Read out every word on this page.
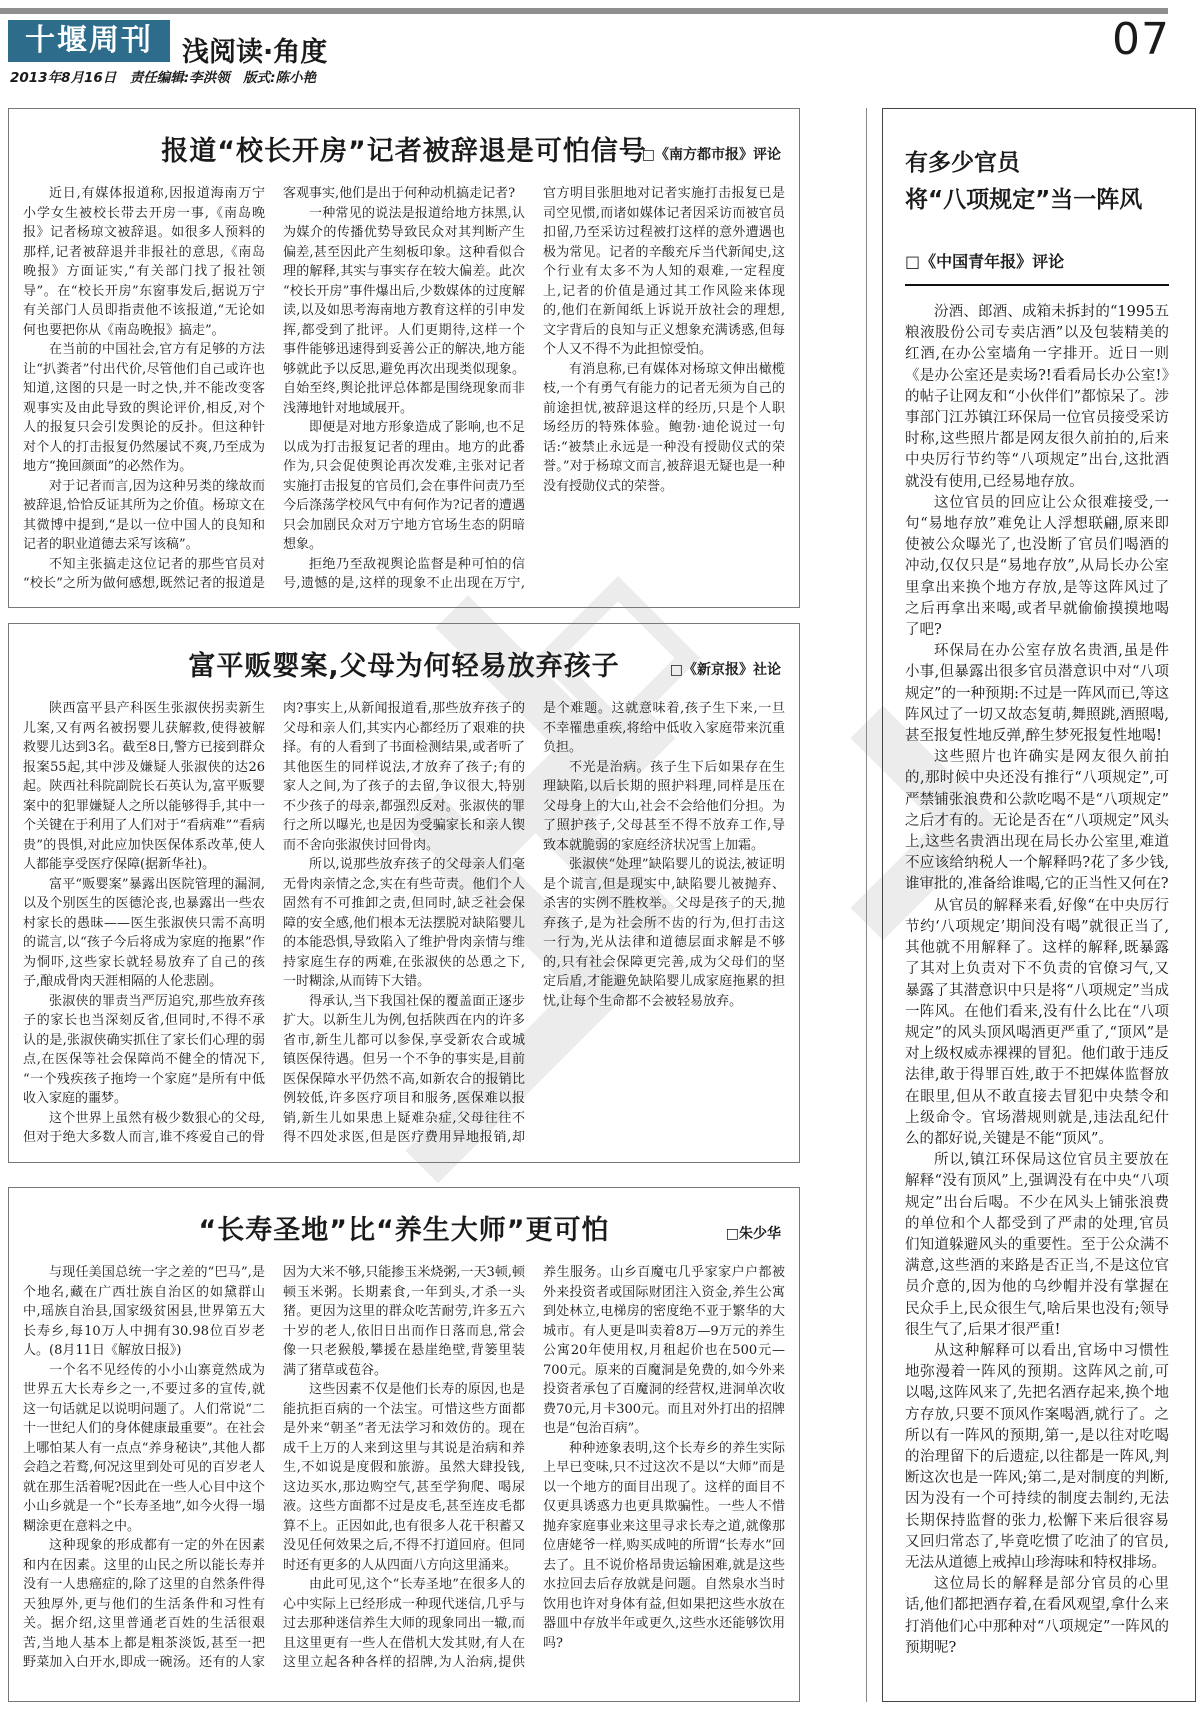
07
十堰周刊	浅阅读·角度
2013年8月16日　责任编辑:李洪领　版式:陈小艳
报道“校长开房”记者被辞退是可怕信号
□《南方都市报》评论

近日,有媒体报道称,因报道海南万宁小学女生被校长带去开房一事,《南岛晚报》记者杨琼文被辞退。如很多人预料的那样,记者被辞退并非报社的意思,《南岛晚报》方面证实,“有关部门找了报社领导”。在“校长开房”东窗事发后,据说万宁有关部门人员即指责他不该报道,“无论如何也要把你从《南岛晚报》搞走”。

在当前的中国社会,官方有足够的方法让“扒粪者”付出代价,尽管他们自己或许也知道,这图的只是一时之快,并不能改变客观事实及由此导致的舆论评价,相反,对个人的报复只会引发舆论的反扑。但这种针对个人的打击报复仍然屡试不爽,乃至成为地方“挽回颜面”的必然作为。

对于记者而言,因为这种另类的缘故而被辞退,恰恰反证其所为之价值。杨琼文在其微博中提到,“是以一位中国人的良知和记者的职业道德去采写该稿”。

不知主张搞走这位记者的那些官员对“校长”之所为做何感想,既然记者的报道是客观事实,他们是出于何种动机搞走记者?

一种常见的说法是报道给地方抹黑,认为媒介的传播优势导致民众对其判断产生偏差,甚至因此产生刻板印象。这种看似合理的解释,其实与事实存在较大偏差。此次“校长开房”事件爆出后,少数媒体的过度解读,以及如思考海南地方教育这样的引申发挥,都受到了批评。人们更期待,这样一个事件能够迅速得到妥善公正的解决,地方能够就此予以反思,避免再次出现类似现象。自始至终,舆论批评总体都是围绕现象而非浅薄地针对地域展开。

即便是对地方形象造成了影响,也不足以成为打击报复记者的理由。地方的此番作为,只会促使舆论再次发难,主张对记者实施打击报复的官员们,会在事件问责乃至今后涤荡学校风气中有何作为?记者的遭遇只会加剧民众对万宁地方官场生态的阴暗想象。

拒绝乃至敌视舆论监督是种可怕的信号,遗憾的是,这样的现象不止出现在万宁,官方明目张胆地对记者实施打击报复已是司空见惯,而诸如媒体记者因采访而被官员扣留,乃至采访过程被打这样的意外遭遇也极为常见。记者的辛酸充斥当代新闻史,这个行业有太多不为人知的艰难,一定程度上,记者的价值是通过其工作风险来体现的,他们在新闻纸上诉说开放社会的理想,文字背后的良知与正义想象充满诱惑,但每个人又不得不为此担惊受怕。

有消息称,已有媒体对杨琼文伸出橄榄枝,一个有勇气有能力的记者无须为自己的前途担忧,被辞退这样的经历,只是个人职场经历的特殊体验。鲍勃·迪伦说过一句话:“被禁止永远是一种没有授勋仪式的荣誉。”对于杨琼文而言,被辞退无疑也是一种没有授勋仪式的荣誉。

富平贩婴案,父母为何轻易放弃孩子	□《新京报》社论

陕西富平县产科医生张淑侠拐卖新生儿案,又有两名被拐婴儿获解救,使得被解救婴儿达到3名。截至8日,警方已接到群众报案55起,其中涉及嫌疑人张淑侠的达26起。陕西社科院副院长石英认为,富平贩婴案中的犯罪嫌疑人之所以能够得手,其中一个关键在于利用了人们对于“看病难”“看病贵”的畏惧,对此应加快医保体系改革,使人人都能享受医疗保障(据新华社)。

富平“贩婴案”暴露出医院管理的漏洞,以及个别医生的医德沦丧,也暴露出一些农村家长的愚昧——医生张淑侠只需不高明的谎言,以“孩子今后将成为家庭的拖累”作为恫吓,这些家长就轻易放弃了自己的孩子,酿成骨肉天涯相隔的人伦悲剧。

张淑侠的罪责当严厉追究,那些放弃孩子的家长也当深刻反省,但同时,不得不承认的是,张淑侠确实抓住了家长们心理的弱点,在医保等社会保障尚不健全的情况下,“一个残疾孩子拖垮一个家庭”是所有中低收入家庭的噩梦。

这个世界上虽然有极少数狠心的父母,但对于绝大多数人而言,谁不疼爱自己的骨肉?事实上,从新闻报道看,那些放弃孩子的父母和亲人们,其实内心都经历了艰难的抉择。有的人看到了书面检测结果,或者听了其他医生的同样说法,才放弃了孩子;有的家人之间,为了孩子的去留,争议很大,特别不少孩子的母亲,都强烈反对。张淑侠的罪行之所以曝光,也是因为受骗家长和亲人锲而不舍向张淑侠讨回骨肉。

所以,说那些放弃孩子的父母亲人们毫无骨肉亲情之念,实在有些苛责。他们个人固然有不可推卸之责,但同时,缺乏社会保障的安全感,他们根本无法摆脱对缺陷婴儿的本能恐惧,导致陷入了维护骨肉亲情与维持家庭生存的两难,在张淑侠的怂恿之下,一时糊涂,从而铸下大错。

得承认,当下我国社保的覆盖面正逐步扩大。以新生儿为例,包括陕西在内的许多省市,新生儿都可以参保,享受新农合或城镇医保待遇。但另一个不争的事实是,目前医保保障水平仍然不高,如新农合的报销比例较低,许多医疗项目和服务,医保难以报销,新生儿如果患上疑难杂症,父母往往不得不四处求医,但是医疗费用异地报销,却是个难题。这就意味着,孩子生下来,一旦不幸罹患重疾,将给中低收入家庭带来沉重负担。

不光是治病。孩子生下后如果存在生理缺陷,以后长期的照护料理,同样是压在父母身上的大山,社会不会给他们分担。为了照护孩子,父母甚至不得不放弃工作,导致本就脆弱的家庭经济状况雪上加霜。

张淑侠“处理”缺陷婴儿的说法,被证明是个谎言,但是现实中,缺陷婴儿被抛弃、杀害的实例不胜枚举。父母是孩子的天,抛弃孩子,是为社会所不齿的行为,但打击这一行为,光从法律和道德层面求解是不够的,只有社会保障更完善,成为父母们的坚定后盾,才能避免缺陷婴儿成家庭拖累的担忧,让每个生命都不会被轻易放弃。

“长寿圣地”比“养生大师”更可怕	□朱少华

与现任美国总统一字之差的“巴马”,是个地名,藏在广西壮族自治区的如黛群山中,瑶族自治县,国家级贫困县,世界第五大长寿乡,每10万人中拥有30.98位百岁老人。(8月11日《解放日报》)

一个名不见经传的小小山寨竟然成为世界五大长寿乡之一,不要过多的宣传,就这一句话就足以说明问题了。人们常说“二十一世纪人们的身体健康最重要”。在社会上哪怕某人有一点点“养身秘诀”,其他人都会趋之若鹜,何况这里到处可见的百岁老人就在那生活着呢?因此在一些人心目中这个小山乡就是一个“长寿圣地”,如今火得一塌糊涂更在意料之中。

这种现象的形成都有一定的外在因素和内在因素。这里的山民之所以能长寿并没有一人患癌症的,除了这里的自然条件得天独厚外,更与他们的生活条件和习性有关。据介绍,这里普通老百姓的生活很艰苦,当地人基本上都是粗茶淡饭,甚至一把野菜加入白开水,即成一碗汤。还有的人家因为大米不够,只能掺玉米烧粥,一天3顿,顿顿玉米粥。长期素食,一年到头,才杀一头猪。更因为这里的群众吃苦耐劳,许多五六十岁的老人,依旧日出而作日落而息,常会像一只老猴般,攀援在悬崖绝壁,背篓里装满了猪草或苞谷。

这些因素不仅是他们长寿的原因,也是能抗拒百病的一个法宝。可惜这些方面都是外来“朝圣”者无法学习和效仿的。现在成千上万的人来到这里与其说是治病和养生,不如说是度假和旅游。虽然大肆投钱,这边买水,那边购空气,甚至学狗爬、喝尿液。这些方面都不过是皮毛,甚至连皮毛都算不上。正因如此,也有很多人花干积蓄又没见任何效果之后,不得不打道回府。但同时还有更多的人从四面八方向这里涌来。

由此可见,这个“长寿圣地”在很多人的心中实际上已经形成一种现代迷信,几乎与过去那种迷信养生大师的现象同出一辙,而且这里更有一些人在借机大发其财,有人在这里立起各种各样的招牌,为人治病,提供养生服务。山乡百魔屯几乎家家户户都被外来投资者或国际财团注入资金,养生公寓到处林立,电梯房的密度绝不亚于繁华的大城市。有人更是叫卖着8万—9万元的养生公寓20年使用权,月租起价也在500元—700元。原来的百魔洞是免费的,如今外来投资者承包了百魔洞的经营权,进洞单次收费70元,月卡300元。而且对外打出的招牌也是“包治百病”。

种种迹象表明,这个长寿乡的养生实际上早已变味,只不过这次不是以“大师”而是以一个地方的面目出现了。这样的面目不仅更具诱惑力也更具欺骗性。一些人不惜抛弃家庭事业来这里寻求长寿之道,就像那位唐姥爷一样,购买成吨的所谓“长寿水”回去了。且不说价格昂贵运输困难,就是这些水拉回去后存放就是问题。自然泉水当时饮用也许对身体有益,但如果把这些水放在器皿中存放半年或更久,这些水还能够饮用吗?

有多少官员
将“八项规定”当一阵风
□《中国青年报》评论

汾酒、郎酒、成箱未拆封的“1995五粮液股份公司专卖店酒”以及包装精美的红酒,在办公室墙角一字排开。近日一则《是办公室还是卖场?!看看局长办公室!》的帖子让网友和“小伙伴们”都惊呆了。涉事部门江苏镇江环保局一位官员接受采访时称,这些照片都是网友很久前拍的,后来中央厉行节约等“八项规定”出台,这批酒就没有使用,已经易地存放。

这位官员的回应让公众很难接受,一句“易地存放”难免让人浮想联翩,原来即使被公众曝光了,也没断了官员们喝酒的冲动,仅仅只是“易地存放”,从局长办公室里拿出来换个地方存放,是等这阵风过了之后再拿出来喝,或者早就偷偷摸摸地喝了吧?

环保局在办公室存放名贵酒,虽是件小事,但暴露出很多官员潜意识中对“八项规定”的一种预期:不过是一阵风而已,等这阵风过了一切又故态复萌,舞照跳,酒照喝,甚至报复性地反弹,醉生梦死报复性地喝!

这些照片也许确实是网友很久前拍的,那时候中央还没有推行“八项规定”,可严禁铺张浪费和公款吃喝不是“八项规定”之后才有的。无论是否在“八项规定”风头上,这些名贵酒出现在局长办公室里,难道不应该给纳税人一个解释吗?花了多少钱,谁审批的,准备给谁喝,它的正当性又何在?

从官员的解释来看,好像“在中央厉行节约‘八项规定’期间没有喝”就很正当了,其他就不用解释了。这样的解释,既暴露了其对上负责对下不负责的官僚习气,又暴露了其潜意识中只是将“八项规定”当成一阵风。在他们看来,没有什么比在“八项规定”的风头顶风喝酒更严重了,“顶风”是对上级权威赤裸裸的冒犯。他们敢于违反法律,敢于得罪百姓,敢于不把媒体监督放在眼里,但从不敢直接去冒犯中央禁令和上级命令。官场潜规则就是,违法乱纪什么的都好说,关键是不能“顶风”。

所以,镇江环保局这位官员主要放在解释“没有顶风”上,强调没有在中央“八项规定”出台后喝。不少在风头上铺张浪费的单位和个人都受到了严肃的处理,官员们知道躲避风头的重要性。至于公众满不满意,这些酒的来路是否正当,不是这位官员介意的,因为他的乌纱帽并没有掌握在民众手上,民众很生气,啥后果也没有;领导很生气了,后果才很严重!

从这种解释可以看出,官场中习惯性地弥漫着一阵风的预期。这阵风之前,可以喝,这阵风来了,先把名酒存起来,换个地方存放,只要不顶风作案喝酒,就行了。之所以有一阵风的预期,第一,是以往对吃喝的治理留下的后遗症,以往都是一阵风,判断这次也是一阵风;第二,是对制度的判断,因为没有一个可持续的制度去制约,无法长期保持监督的张力,松懈下来后很容易又回归常态了,毕竟吃惯了吃油了的官员,无法从道德上戒掉山珍海味和特权排场。

这位局长的解释是部分官员的心里话,他们都把酒存着,在看风观望,拿什么来打消他们心中那种对“八项规定”一阵风的预期呢?
